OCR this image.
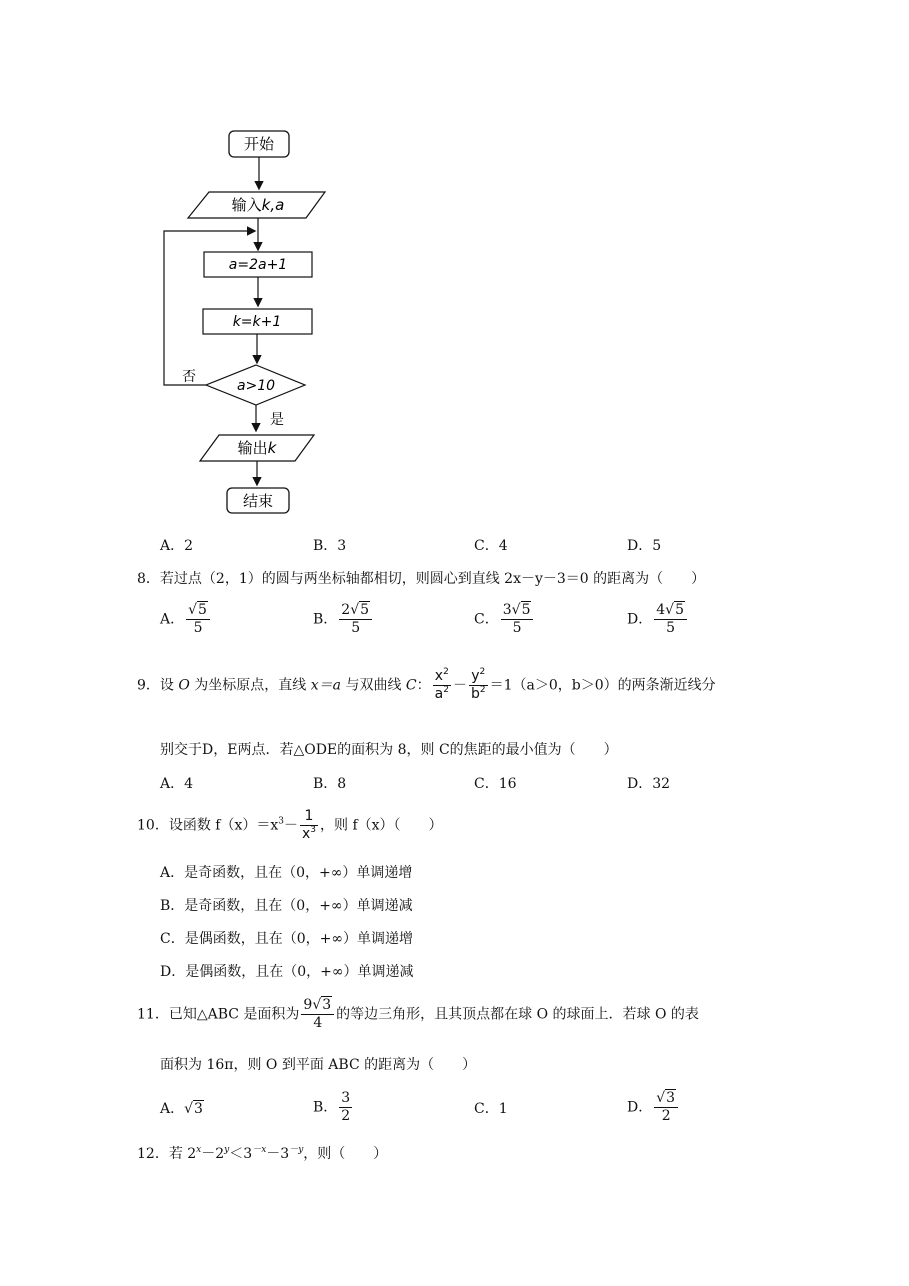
开始
输入k,a
a=2a+1
k=k+1
a>10
否
是
输出k
结束
A．2	B．3	C．4	D．5
8．若过点（2，1）的圆与两坐标轴都相切，则圆心到直线 2x－y－3＝0 的距离为（　　）
A． $\frac{√5}{5}$	B． $\frac{2√5}{5}$	C． $\frac{3√5}{5}$	D． $\frac{4√5}{5}$
9．设 O 为坐标原点，直线 x＝a 与双曲线 C： $\frac{x^2}{a^2} - \frac{y^2}{b^2} =1(a>0$，b＞0）的两条渐近线分
别交于D，E两点．若△ODE的面积为 8，则 C的焦距的最小值为（　　）
A．4	B．8	C．16	D．32
10．设函数 $f(x)=x^3- \frac{1}{x^3}$ ，则 f（x）（　　）
A．是奇函数，且在（0，+∞）单调递增
B．是奇函数，且在（0，+∞）单调递减
C．是偶函数，且在（0，+∞）单调递增
D．是偶函数，且在（0，+∞）单调递减
11．已知△ABC 是面积为 $\frac{9√3}{4}$ 的等边三角形，且其顶点都在球 O 的球面上．若球 O 的表
面积为 16π，则 O 到平面 ABC 的距离为（　　）
A．√3	B． $\frac{3}{2}$	C．1	D． $\frac{√3}{2}$
12．若 $2^x-2^y<3^{-x}-3^{-y}$，则（　　）
